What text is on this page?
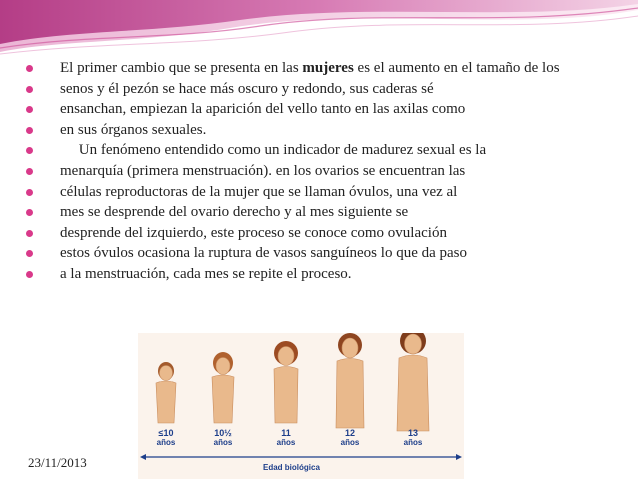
El primer cambio que se presenta en las mujeres es el aumento en el tamaño de los
senos y él pezón se hace más oscuro y redondo, sus caderas sé
ensanchan, empiezan la aparición del vello tanto en las axilas como
en sus órganos sexuales.
Un fenómeno entendido como un indicador de madurez sexual es la
menarquía (primera menstruación). en los ovarios se encuentran las
células reproductoras de la mujer que se llaman óvulos, una vez al
mes se desprende del ovario derecho y al mes siguiente se
desprende del izquierdo, este proceso se conoce como ovulación
estos óvulos ocasiona la ruptura de vasos sanguíneos lo que da paso
a la menstruación, cada mes se repite el proceso.
≤10
años
10½
años
11
años
12
años
13
años
Edad biológica
23/11/2013
